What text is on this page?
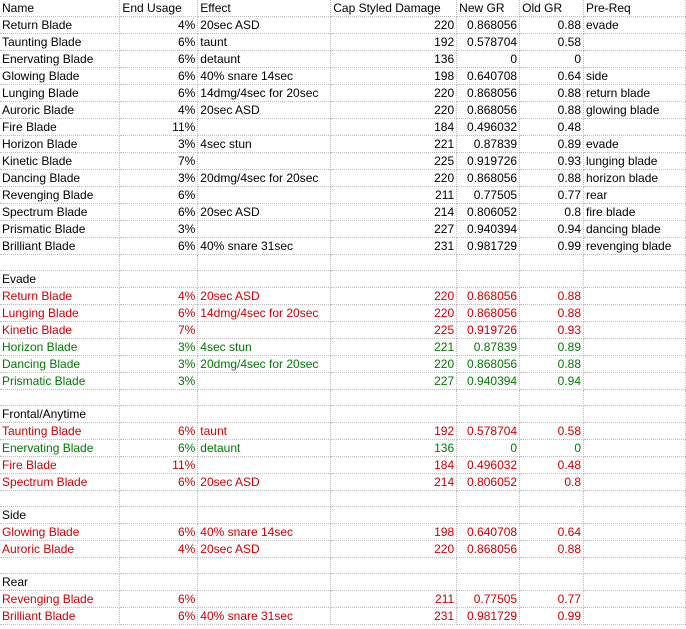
Name	End Usage	Effect	Cap Styled Damage	New GR	Old GR	Pre-Req
Return Blade	4%	20sec ASD	220	0.868056	0.88	evade
Taunting Blade	6%	taunt	192	0.578704	0.58	
Enervating Blade	6%	detaunt	136	0	0	
Glowing Blade	6%	40% snare 14sec	198	0.640708	0.64	side
Lunging Blade	6%	14dmg/4sec for 20sec	220	0.868056	0.88	return blade
Auroric Blade	4%	20sec ASD	220	0.868056	0.88	glowing blade
Fire Blade	11%		184	0.496032	0.48	
Horizon Blade	3%	4sec stun	221	0.87839	0.89	evade
Kinetic Blade	7%		225	0.919726	0.93	lunging blade
Dancing Blade	3%	20dmg/4sec for 20sec	220	0.868056	0.88	horizon blade
Revenging Blade	6%		211	0.77505	0.77	rear
Spectrum Blade	6%	20sec ASD	214	0.806052	0.8	fire blade
Prismatic Blade	3%		227	0.940394	0.94	dancing blade
Brilliant Blade	6%	40% snare 31sec	231	0.981729	0.99	revenging blade

Evade						
Return Blade	4%	20sec ASD	220	0.868056	0.88	
Lunging Blade	6%	14dmg/4sec for 20sec	220	0.868056	0.88	
Kinetic Blade	7%		225	0.919726	0.93	
Horizon Blade	3%	4sec stun	221	0.87839	0.89	
Dancing Blade	3%	20dmg/4sec for 20sec	220	0.868056	0.88	
Prismatic Blade	3%		227	0.940394	0.94	

Frontal/Anytime						
Taunting Blade	6%	taunt	192	0.578704	0.58	
Enervating Blade	6%	detaunt	136	0	0	
Fire Blade	11%		184	0.496032	0.48	
Spectrum Blade	6%	20sec ASD	214	0.806052	0.8	

Side						
Glowing Blade	6%	40% snare 14sec	198	0.640708	0.64	
Auroric Blade	4%	20sec ASD	220	0.868056	0.88	

Rear						
Revenging Blade	6%		211	0.77505	0.77	
Brilliant Blade	6%	40% snare 31sec	231	0.981729	0.99	
